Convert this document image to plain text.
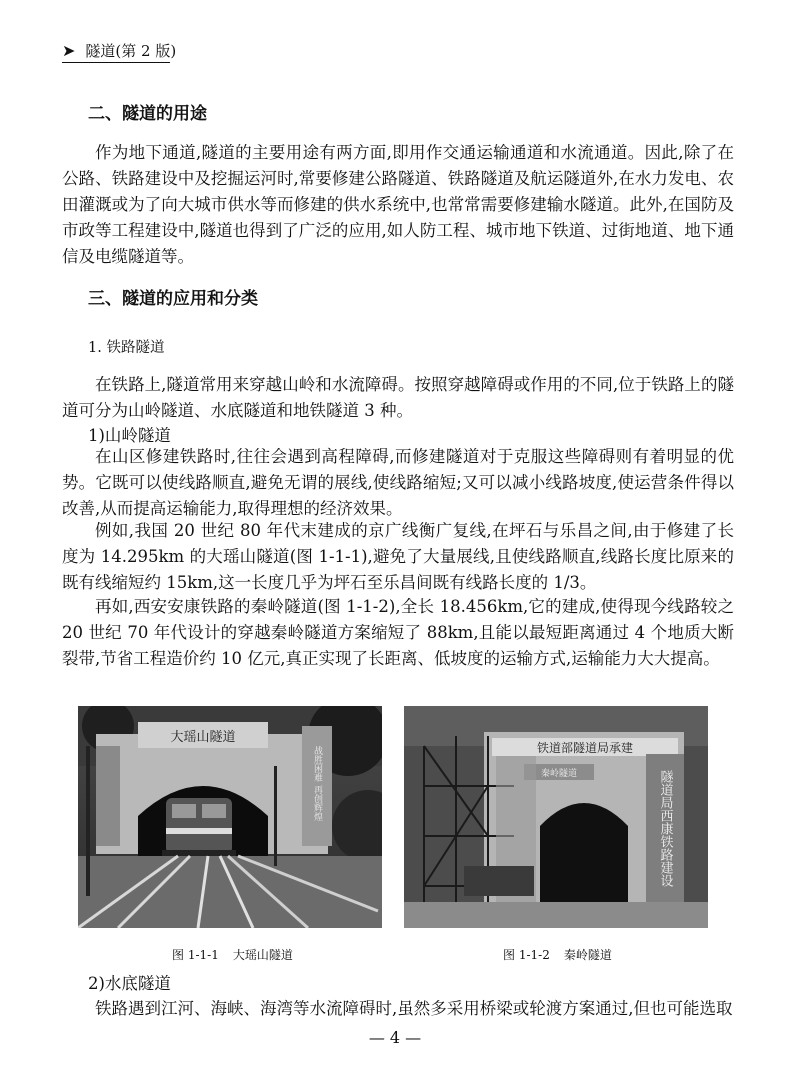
➤ 隧道(第 2 版)
二、隧道的用途
作为地下通道,隧道的主要用途有两方面,即用作交通运输通道和水流通道。因此,除了在公路、铁路建设中及挖掘运河时,常要修建公路隧道、铁路隧道及航运隧道外,在水力发电、农田灌溉或为了向大城市供水等而修建的供水系统中,也常常需要修建输水隧道。此外,在国防及市政等工程建设中,隧道也得到了广泛的应用,如人防工程、城市地下铁道、过街地道、地下通信及电缆隧道等。
三、隧道的应用和分类
1. 铁路隧道
在铁路上,隧道常用来穿越山岭和水流障碍。按照穿越障碍或作用的不同,位于铁路上的隧道可分为山岭隧道、水底隧道和地铁隧道 3 种。
1)山岭隧道
在山区修建铁路时,往往会遇到高程障碍,而修建隧道对于克服这些障碍则有着明显的优势。它既可以使线路顺直,避免无谓的展线,使线路缩短;又可以减小线路坡度,使运营条件得以改善,从而提高运输能力,取得理想的经济效果。
例如,我国 20 世纪 80 年代末建成的京广线衡广复线,在坪石与乐昌之间,由于修建了长度为 14.295km 的大瑶山隧道(图 1-1-1),避免了大量展线,且使线路顺直,线路长度比原来的既有线缩短约 15km,这一长度几乎为坪石至乐昌间既有线路长度的 1/3。
再如,西安安康铁路的秦岭隧道(图 1-1-2),全长 18.456km,它的建成,使得现今线路较之 20 世纪 70 年代设计的穿越秦岭隧道方案缩短了 88km,且能以最短距离通过 4 个地质大断裂带,节省工程造价约 10 亿元,真正实现了长距离、低坡度的运输方式,运输能力大大提高。
大瑶山隧道
战胜困难 再创辉煌
图 1-1-1 大瑶山隧道
铁道部隧道局承建
秦岭隧道	隧道局西康铁路建设
图 1-1-2 秦岭隧道
2)水底隧道
铁路遇到江河、海峡、海湾等水流障碍时,虽然多采用桥梁或轮渡方案通过,但也可能选取
— 4 —
